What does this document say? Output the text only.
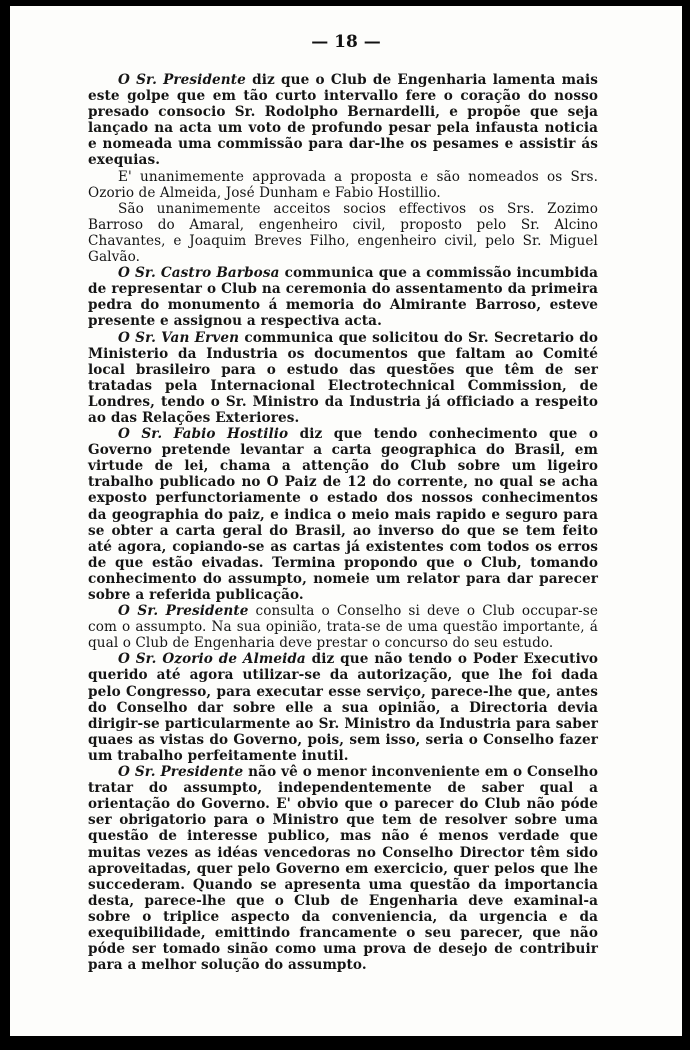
— 18 —

O Sr. Presidente diz que o Club de Engenharia lamenta mais este golpe que em tão curto intervallo fere o coração do nosso presado consocio Sr. Rodolpho Bernardelli, e propõe que seja lançado na acta um voto de profundo pesar pela infausta noticia e nomeada uma commissão para dar-lhe os pesames e assistir ás exequias.

E' unanimemente approvada a proposta e são nomeados os Srs. Ozorio de Almeida, José Dunham e Fabio Hostillio.

São unanimemente acceitos socios effectivos os Srs. Zozimo Barroso do Amaral, engenheiro civil, proposto pelo Sr. Alcino Chavantes, e Joaquim Breves Filho, engenheiro civil, pelo Sr. Miguel Galvão.

O Sr. Castro Barbosa communica que a commissão incumbida de representar o Club na ceremonia do assentamento da primeira pedra do monumento á memoria do Almirante Barroso, esteve presente e assignou a respectiva acta.

O Sr. Van Erven communica que solicitou do Sr. Secretario do Ministerio da Industria os documentos que faltam ao Comité local brasileiro para o estudo das questões que têm de ser tratadas pela Internacional Electrotechnical Commission, de Londres, tendo o Sr. Ministro da Industria já officiado a respeito ao das Relações Exteriores.

O Sr. Fabio Hostilio diz que tendo conhecimento que o Governo pretende levantar a carta geographica do Brasil, em virtude de lei, chama a attenção do Club sobre um ligeiro trabalho publicado no O Paiz de 12 do corrente, no qual se acha exposto perfunctoriamente o estado dos nossos conhecimentos da geographia do paiz, e indica o meio mais rapido e seguro para se obter a carta geral do Brasil, ao inverso do que se tem feito até agora, copiando-se as cartas já existentes com todos os erros de que estão eivadas. Termina propondo que o Club, tomando conhecimento do assumpto, nomeie um relator para dar parecer sobre a referida publicação.

O Sr. Presidente consulta o Conselho si deve o Club occupar-se com o assumpto. Na sua opinião, trata-se de uma questão importante, á qual o Club de Engenharia deve prestar o concurso do seu estudo.

O Sr. Ozorio de Almeida diz que não tendo o Poder Executivo querido até agora utilizar-se da autorização, que lhe foi dada pelo Congresso, para executar esse serviço, parece-lhe que, antes do Conselho dar sobre elle a sua opinião, a Directoria devia dirigir-se particularmente ao Sr. Ministro da Industria para saber quaes as vistas do Governo, pois, sem isso, seria o Conselho fazer um trabalho perfeitamente inutil.

O Sr. Presidente não vê o menor inconveniente em o Conselho tratar do assumpto, independentemente de saber qual a orientação do Governo. E' obvio que o parecer do Club não póde ser obrigatorio para o Ministro que tem de resolver sobre uma questão de interesse publico, mas não é menos verdade que muitas vezes as idéas vencedoras no Conselho Director têm sido aproveitadas, quer pelo Governo em exercicio, quer pelos que lhe succederam. Quando se apresenta uma questão da importancia desta, parece-lhe que o Club de Engenharia deve examinal-a sobre o triplice aspecto da conveniencia, da urgencia e da exequibilidade, emittindo francamente o seu parecer, que não póde ser tomado sinão como uma prova de desejo de contribuir para a melhor solução do assumpto.
